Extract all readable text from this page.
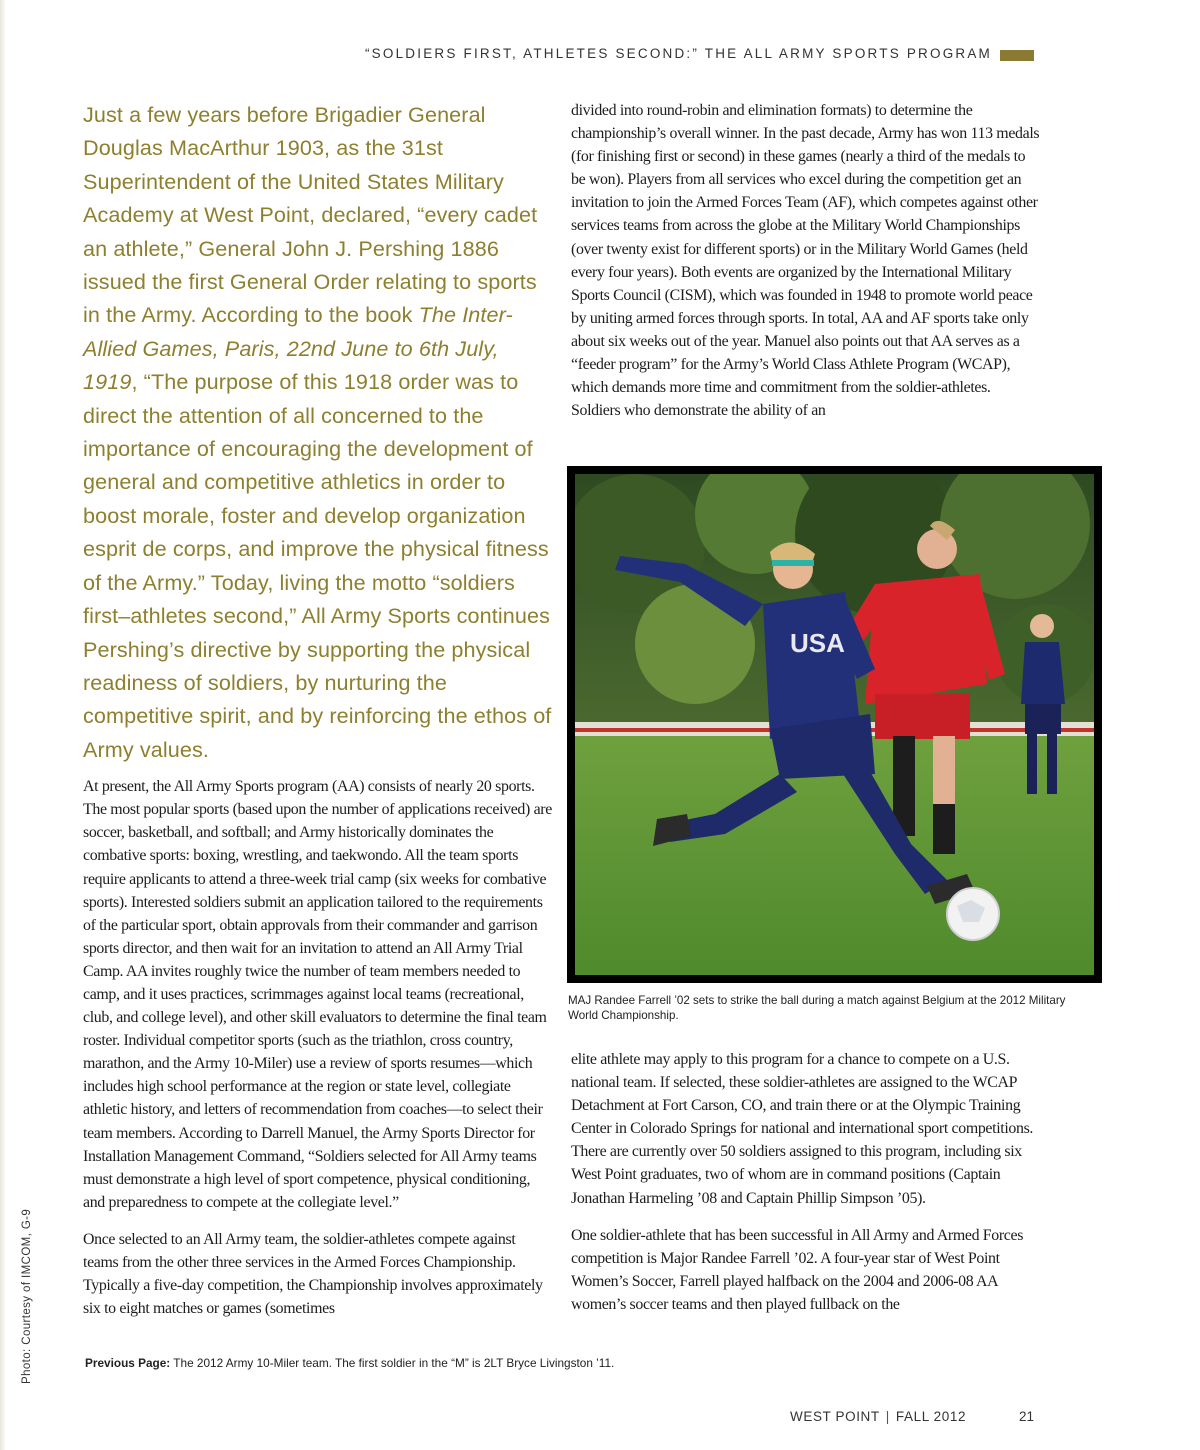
“SOLDIERS FIRST, ATHLETES SECOND:” THE ALL ARMY SPORTS PROGRAM

Just a few years before Brigadier General Douglas MacArthur 1903, as the 31st Superintendent of the United States Military Academy at West Point, declared, “every cadet an athlete,” General John J. Pershing 1886 issued the first General Order relating to sports in the Army. According to the book The Inter-Allied Games, Paris, 22nd June to 6th July, 1919, “The purpose of this 1918 order was to direct the attention of all concerned to the importance of encouraging the development of general and competitive athletics in order to boost morale, foster and develop organization esprit de corps, and improve the physical fitness of the Army.” Today, living the motto “soldiers first–athletes second,” All Army Sports continues Pershing’s directive by supporting the physical readiness of soldiers, by nurturing the competitive spirit, and by reinforcing the ethos of Army values.

At present, the All Army Sports program (AA) consists of nearly 20 sports. The most popular sports (based upon the number of applications received) are soccer, basketball, and softball; and Army historically dominates the combative sports: boxing, wrestling, and taekwondo. All the team sports require applicants to attend a three-week trial camp (six weeks for combative sports). Interested soldiers submit an application tailored to the requirements of the particular sport, obtain approvals from their commander and garrison sports director, and then wait for an invitation to attend an All Army Trial Camp. AA invites roughly twice the number of team members needed to camp, and it uses practices, scrimmages against local teams (recreational, club, and college level), and other skill evaluators to determine the final team roster. Individual competitor sports (such as the triathlon, cross country, marathon, and the Army 10-Miler) use a review of sports resumes—which includes high school performance at the region or state level, collegiate athletic history, and letters of recommendation from coaches—to select their team members. According to Darrell Manuel, the Army Sports Director for Installation Management Command, “Soldiers selected for All Army teams must demonstrate a high level of sport competence, physical conditioning, and preparedness to compete at the collegiate level.”

Once selected to an All Army team, the soldier-athletes compete against teams from the other three services in the Armed Forces Championship. Typically a five-day competition, the Championship involves approximately six to eight matches or games (sometimes

divided into round-robin and elimination formats) to determine the championship’s overall winner. In the past decade, Army has won 113 medals (for finishing first or second) in these games (nearly a third of the medals to be won). Players from all services who excel during the competition get an invitation to join the Armed Forces Team (AF), which competes against other services teams from across the globe at the Military World Championships (over twenty exist for different sports) or in the Military World Games (held every four years). Both events are organized by the International Military Sports Council (CISM), which was founded in 1948 to promote world peace by uniting armed forces through sports. In total, AA and AF sports take only about six weeks out of the year. Manuel also points out that AA serves as a “feeder program” for the Army’s World Class Athlete Program (WCAP), which demands more time and commitment from the soldier-athletes. Soldiers who demonstrate the ability of an

USA
MAJ Randee Farrell ’02 sets to strike the ball during a match against Belgium at the 2012 Military World Championship.

elite athlete may apply to this program for a chance to compete on a U.S. national team. If selected, these soldier-athletes are assigned to the WCAP Detachment at Fort Carson, CO, and train there or at the Olympic Training Center in Colorado Springs for national and international sport competitions. There are currently over 50 soldiers assigned to this program, including six West Point graduates, two of whom are in command positions (Captain Jonathan Harmeling ’08 and Captain Phillip Simpson ’05).

One soldier-athlete that has been successful in All Army and Armed Forces competition is Major Randee Farrell ’02. A four-year star of West Point Women’s Soccer, Farrell played halfback on the 2004 and 2006-08 AA women’s soccer teams and then played fullback on the

Previous Page: The 2012 Army 10-Miler team. The first soldier in the “M” is 2LT Bryce Livingston ’11.
Photo: Courtesy of IMCOM, G-9
WEST POINT | FALL 2012	21
